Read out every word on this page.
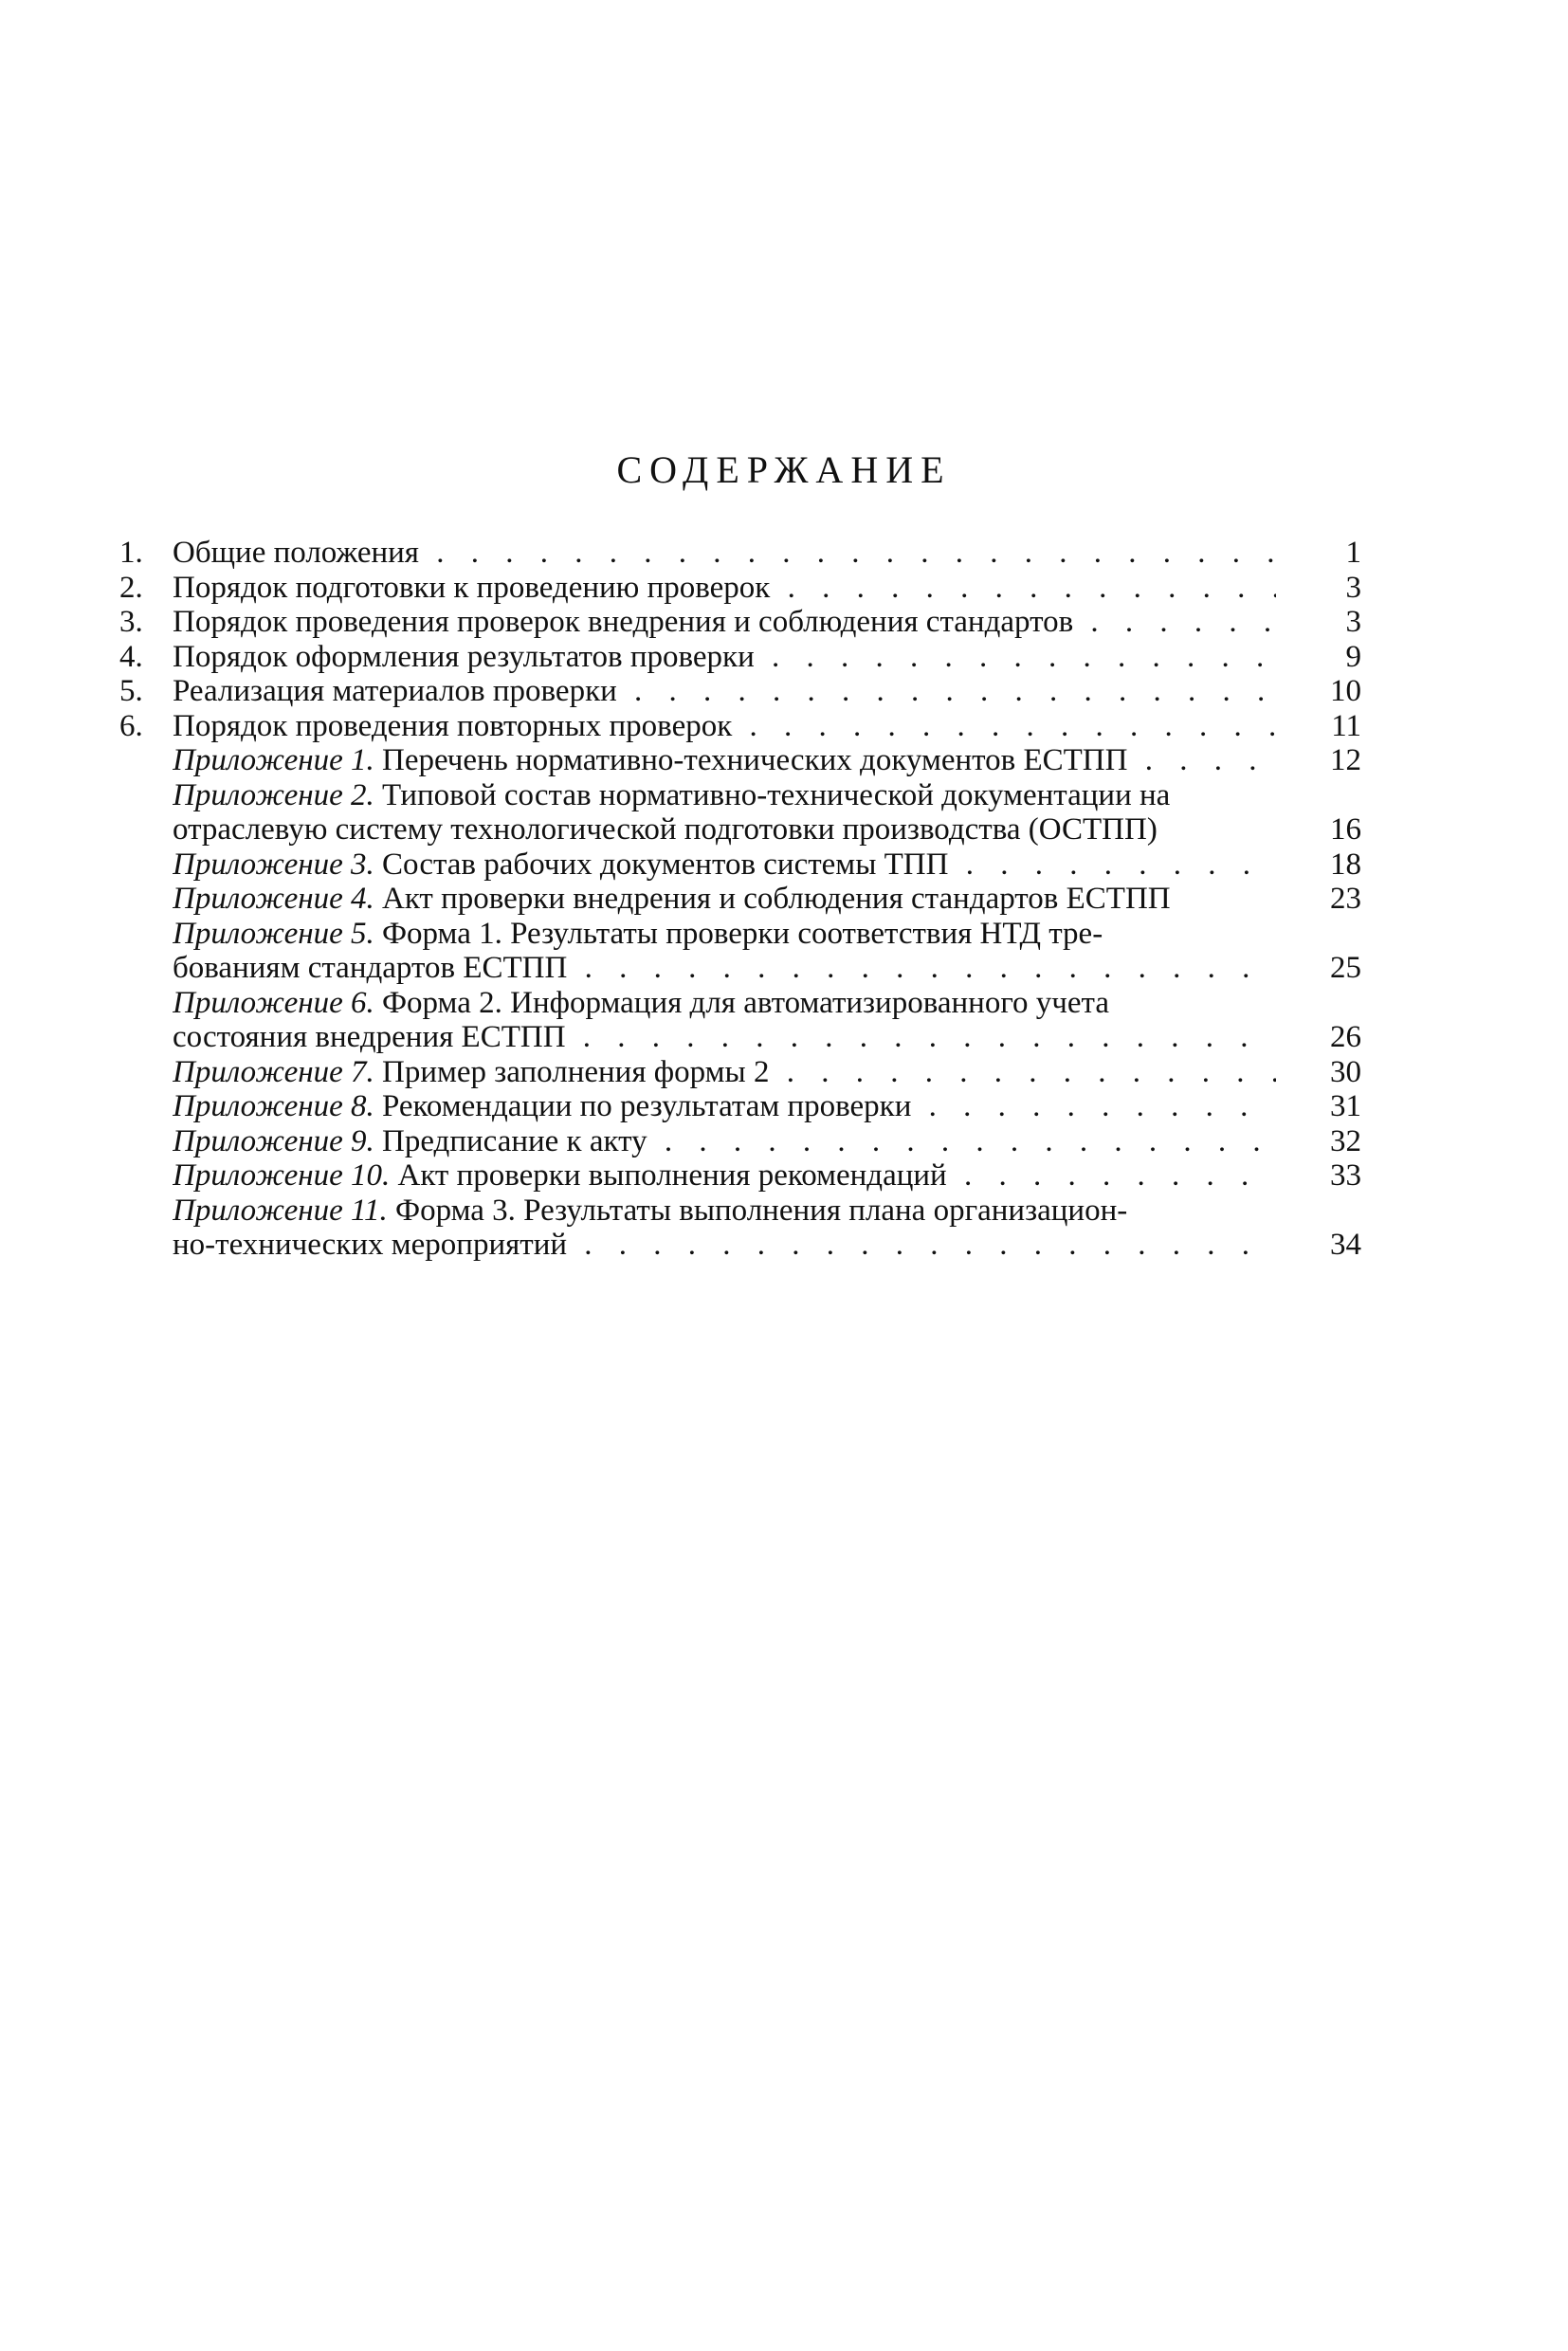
СОДЕРЖАНИЕ
1. Общие положения . . .	1
2. Порядок подготовки к проведению проверок . . .	3
3. Порядок проведения проверок внедрения и соблюдения стандартов . . .	3
4. Порядок оформления результатов проверки . . .	9
5. Реализация материалов проверки . . .	10
6. Порядок проведения повторных проверок . . .	11
Приложение 1. Перечень нормативно-технических документов ЕСТПП . . .	12
Приложение 2. Типовой состав нормативно-технической документации на
отраслевую систему технологической подготовки производства (ОСТПП)	16
Приложение 3. Состав рабочих документов системы ТПП . . .	18
Приложение 4. Акт проверки внедрения и соблюдения стандартов ЕСТПП	23
Приложение 5. Форма 1. Результаты проверки соответствия НТД тре-
бованиям стандартов ЕСТПП . . .	25
Приложение 6. Форма 2. Информация для автоматизированного учета
состояния внедрения ЕСТПП . . .	26
Приложение 7. Пример заполнения формы 2 . . .	30
Приложение 8. Рекомендации по результатам проверки . . .	31
Приложение 9. Предписание к акту . . .	32
Приложение 10. Акт проверки выполнения рекомендаций . . .	33
Приложение 11. Форма 3. Результаты выполнения плана организацион-
но-технических мероприятий . . .	34
